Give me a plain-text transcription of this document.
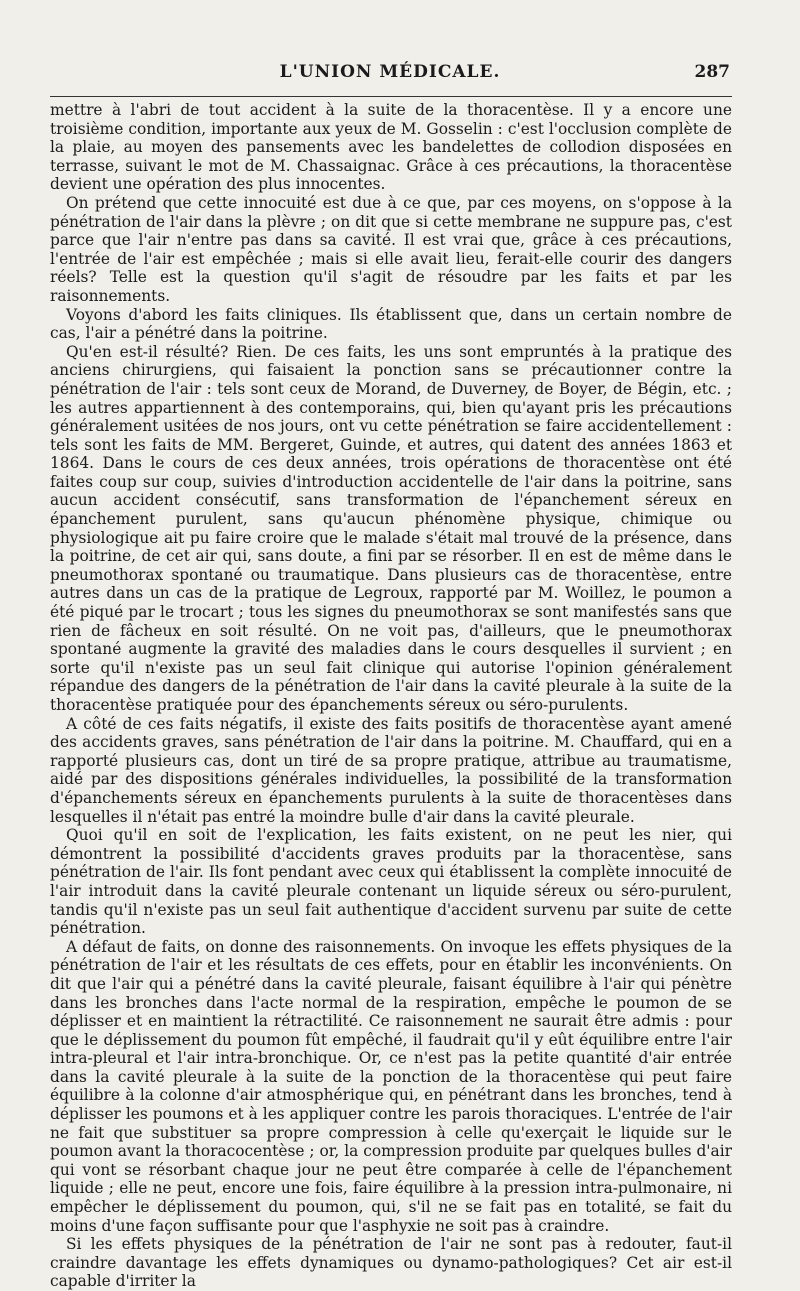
L'UNION MÉDICALE.	287

mettre à l'abri de tout accident à la suite de la thoracentèse. Il y a encore une troisième condition, importante aux yeux de M. Gosselin : c'est l'occlusion complète de la plaie, au moyen des pansements avec les bandelettes de collodion disposées en terrasse, suivant le mot de M. Chassaignac. Grâce à ces précautions, la thoracentèse devient une opération des plus innocentes.

On prétend que cette innocuité est due à ce que, par ces moyens, on s'oppose à la pénétration de l'air dans la plèvre ; on dit que si cette membrane ne suppure pas, c'est parce que l'air n'entre pas dans sa cavité. Il est vrai que, grâce à ces précautions, l'entrée de l'air est empêchée ; mais si elle avait lieu, ferait-elle courir des dangers réels? Telle est la question qu'il s'agit de résoudre par les faits et par les raisonnements.

Voyons d'abord les faits cliniques. Ils établissent que, dans un certain nombre de cas, l'air a pénétré dans la poitrine.

Qu'en est-il résulté? Rien. De ces faits, les uns sont empruntés à la pratique des anciens chirurgiens, qui faisaient la ponction sans se précautionner contre la pénétration de l'air : tels sont ceux de Morand, de Duverney, de Boyer, de Bégin, etc. ; les autres appartiennent à des contemporains, qui, bien qu'ayant pris les précautions généralement usitées de nos jours, ont vu cette pénétration se faire accidentellement : tels sont les faits de MM. Bergeret, Guinde, et autres, qui datent des années 1863 et 1864. Dans le cours de ces deux années, trois opérations de thoracentèse ont été faites coup sur coup, suivies d'introduction accidentelle de l'air dans la poitrine, sans aucun accident consécutif, sans transformation de l'épanchement séreux en épanchement purulent, sans qu'aucun phénomène physique, chimique ou physiologique ait pu faire croire que le malade s'était mal trouvé de la présence, dans la poitrine, de cet air qui, sans doute, a fini par se résorber. Il en est de même dans le pneumothorax spontané ou traumatique. Dans plusieurs cas de thoracentèse, entre autres dans un cas de la pratique de Legroux, rapporté par M. Woillez, le poumon a été piqué par le trocart ; tous les signes du pneumothorax se sont manifestés sans que rien de fâcheux en soit résulté. On ne voit pas, d'ailleurs, que le pneumothorax spontané augmente la gravité des maladies dans le cours desquelles il survient ; en sorte qu'il n'existe pas un seul fait clinique qui autorise l'opinion généralement répandue des dangers de la pénétration de l'air dans la cavité pleurale à la suite de la thoracentèse pratiquée pour des épanchements séreux ou séro-purulents.

A côté de ces faits négatifs, il existe des faits positifs de thoracentèse ayant amené des accidents graves, sans pénétration de l'air dans la poitrine. M. Chauffard, qui en a rapporté plusieurs cas, dont un tiré de sa propre pratique, attribue au traumatisme, aidé par des dispositions générales individuelles, la possibilité de la transformation d'épanchements séreux en épanchements purulents à la suite de thoracentèses dans lesquelles il n'était pas entré la moindre bulle d'air dans la cavité pleurale.

Quoi qu'il en soit de l'explication, les faits existent, on ne peut les nier, qui démontrent la possibilité d'accidents graves produits par la thoracentèse, sans pénétration de l'air. Ils font pendant avec ceux qui établissent la complète innocuité de l'air introduit dans la cavité pleurale contenant un liquide séreux ou séro-purulent, tandis qu'il n'existe pas un seul fait authentique d'accident survenu par suite de cette pénétration.

A défaut de faits, on donne des raisonnements. On invoque les effets physiques de la pénétration de l'air et les résultats de ces effets, pour en établir les inconvénients. On dit que l'air qui a pénétré dans la cavité pleurale, faisant équilibre à l'air qui pénètre dans les bronches dans l'acte normal de la respiration, empêche le poumon de se déplisser et en maintient la rétractilité. Ce raisonnement ne saurait être admis : pour que le déplissement du poumon fût empêché, il faudrait qu'il y eût équilibre entre l'air intra-pleural et l'air intra-bronchique. Or, ce n'est pas la petite quantité d'air entrée dans la cavité pleurale à la suite de la ponction de la thoracentèse qui peut faire équilibre à la colonne d'air atmosphérique qui, en pénétrant dans les bronches, tend à déplisser les poumons et à les appliquer contre les parois thoraciques. L'entrée de l'air ne fait que substituer sa propre compression à celle qu'exerçait le liquide sur le poumon avant la thoracocentèse ; or, la compression produite par quelques bulles d'air qui vont se résorbant chaque jour ne peut être comparée à celle de l'épanchement liquide ; elle ne peut, encore une fois, faire équilibre à la pression intra-pulmonaire, ni empêcher le déplissement du poumon, qui, s'il ne se fait pas en totalité, se fait du moins d'une façon suffisante pour que l'asphyxie ne soit pas à craindre.

Si les effets physiques de la pénétration de l'air ne sont pas à redouter, faut-il craindre davantage les effets dynamiques ou dynamo-pathologiques? Cet air est-il capable d'irriter la
